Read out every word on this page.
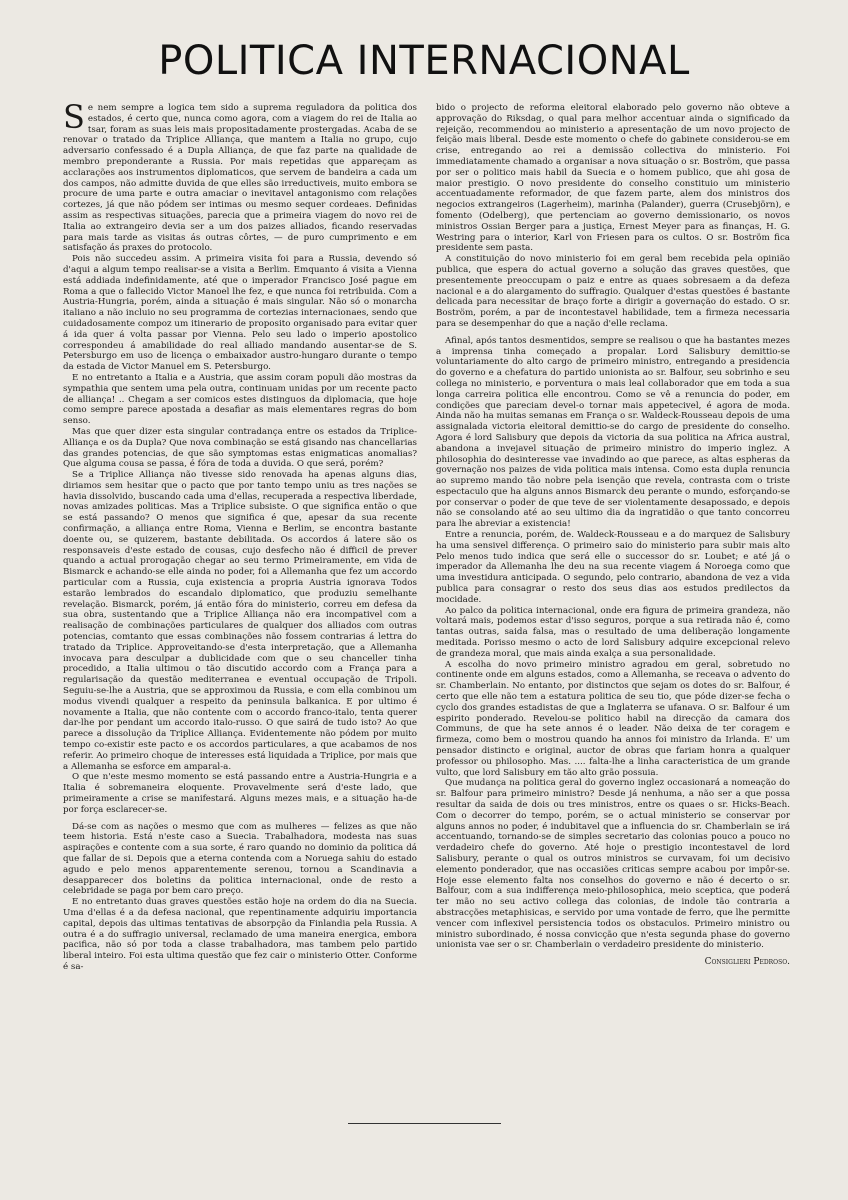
POLITICA INTERNACIONAL

Se nem sempre a logica tem sido a suprema reguladora da politica dos estados, é certo que, nunca como agora, com a viagem do rei de Italia ao tsar, foram as suas leis mais propositadamente prostergadas. Acaba de se renovar o tratado da Triplice Alliança, que mantem a Italia no grupo, cujo adversario confessado é a Dupla Alliança, de que faz parte na qualidade de membro preponderante a Russia. Por mais repetidas que appareçam as acclarações aos instrumentos diplomaticos, que servem de bandeira a cada um dos campos, não admitte duvida de que elles são irreductiveis, muito embora se procure de uma parte e outra amaciar o inevitavel antagonismo com relações cortezes, já que não pódem ser intimas ou mesmo sequer cordeaes. Definidas assim as respectivas situações, parecia que a primeira viagem do novo rei de Italia ao extrangeiro devia ser a um dos paizes alliados, ficando reservadas para mais tarde as visitas ás outras côrtes, — de puro cumprimento e em satisfação ás praxes do protocolo.

Pois não succedeu assim. A primeira visita foi para a Russia, devendo só d'aqui a algum tempo realisar-se a visita a Berlim. Emquanto á visita a Vienna está addiada indefinidamente, até que o imperador Francisco José pague em Roma a que o fallecido Victor Manoel lhe fez, e que nunca foi retribuida. Com a Austria-Hungria, porém, ainda a situação é mais singular. Não só o monarcha italiano a não incluio no seu programma de cortezias internacionaes, sendo que cuidadosamente compoz um itinerario de proposito organisado para evitar quer á ida quer á volta passar por Vienna. Pelo seu lado o imperio apostolico correspondeu á amabilidade do real alliado mandando ausentar-se de S. Petersburgo em uso de licença o embaixador austro-hungaro durante o tempo da estada de Victor Manuel em S. Petersburgo.

E no entretanto a Italia e a Austria, que assim coram populi dão mostras da sympathia que sentem uma pela outra, continuam unidas por um recente pacto de alliança! .. Chegam a ser comicos estes distinguos da diplomacia, que hoje como sempre parece apostada a desafiar as mais elementares regras do bom senso.

Mas que quer dizer esta singular contradança entre os estados da Triplice-Alliança e os da Dupla? Que nova combinação se está gisando nas chancellarias das grandes potencias, de que são symptomas estas enigmaticas anomalias? Que alguma cousa se passa, é fóra de toda a duvida. O que será, porém?

Se a Triplice Alliança não tivesse sido renovada ha apenas alguns dias, diriamos sem hesitar que o pacto que por tanto tempo uniu as tres nações se havia dissolvido, buscando cada uma d'ellas, recuperada a respectiva liberdade, novas amizades politicas. Mas a Triplice subsiste. O que significa então o que se está passando? O menos que significa é que, apesar da sua recente confirmação, a alliança entre Roma, Vienna e Berlim, se encontra bastante doente ou, se quizerem, bastante debilitada. Os accordos á latere são os responsaveis d'este estado de cousas, cujo desfecho não é difficil de prever quando a actual prorogação chegar ao seu termo Primeiramente, em vida de Bismarck e achando-se elle ainda no poder, foi a Allemanha que fez um accordo particular com a Russia, cuja existencia a propria Austria ignorava Todos estarão lembrados do escandalo diplomatico, que produziu semelhante revelação. Bismarck, porém, já então fóra do ministerio, correu em defesa da sua obra, sustentando que a Triplice Alliança não era incompativel com a realisação de combinações particulares de qualquer dos alliados com outras potencias, comtanto que essas combinações não fossem contrarias á lettra do tratado da Triplice. Approveitando-se d'esta interpretação, que a Allemanha invocava para desculpar a dublicidade com que o seu chanceller tinha procedido, a Italia ultimou o tão discutido accordo com a França para a regularisação da questão mediterranea e eventual occupação de Tripoli. Seguiu-se-lhe a Austria, que se approximou da Russia, e com ella combinou um modus vivendi qualquer a respeito da peninsula balkanica. E por ultimo é novamente a Italia, que não contente com o accordo franco-italo, tenta querer dar-lhe por pendant um accordo italo-russo. O que sairá de tudo isto? Ao que parece a dissolução da Triplice Alliança. Evidentemente não pódem por muito tempo co-existir este pacto e os accordos particulares, a que acabamos de nos referir. Ao primeiro choque de interesses está liquidada a Triplice, por mais que a Allemanha se esforce em amparal-a.

O que n'este mesmo momento se está passando entre a Austria-Hungria e a Italia é sobremaneira eloquente. Provavelmente será d'este lado, que primeiramente a crise se manifestará. Alguns mezes mais, e a situação ha-de por força esclarecer-se.

Dá-se com as nações o mesmo que com as mulheres — felizes as que não teem historia. Está n'este caso a Suecia. Trabalhadora, modesta nas suas aspirações e contente com a sua sorte, é raro quando no dominio da politica dá que fallar de si. Depois que a eterna contenda com a Noruega sahiu do estado agudo e pelo menos apparentemente serenou, tornou a Scandinavia a desapparecer dos boletins da politica internacional, onde de resto a celebridade se paga por bem caro preço.

E no entretanto duas graves questões estão hoje na ordem do dia na Suecia. Uma d'ellas é a da defesa nacional, que repentinamente adquiriu importancia capital, depois das ultimas tentativas de absorpção da Finlandia pela Russia. A outra é a do suffragio universal, reclamado de uma maneira energica, embora pacifica, não só por toda a classe trabalhadora, mas tambem pelo partido liberal inteiro. Foi esta ultima questão que fez cair o ministerio Otter. Conforme é sa-

bido o projecto de reforma eleitoral elaborado pelo governo não obteve a approvação do Riksdag, o qual para melhor accentuar ainda o significado da rejeição, recommendou ao ministerio a apresentação de um novo projecto de feição mais liberal. Desde este momento o chefe do gabinete considerou-se em crise, entregando ao rei a demissão collectiva do ministerio. Foi immediatamente chamado a organisar a nova situação o sr. Boström, que passa por ser o politico mais habil da Suecia e o homem publico, que ahi gosa de maior prestigio. O novo presidente do conselho constituio um ministerio accentuadamente reformador, de que fazem parte, alem dos ministros dos negocios extrangeiros (Lagerheim), marinha (Palander), guerra (Crusebjörn), e fomento (Odelberg), que pertenciam ao governo demissionario, os novos ministros Ossian Berger para a justiça, Ernest Meyer para as finanças, H. G. Westring para o interior, Karl von Friesen para os cultos. O sr. Boström fica presidente sem pasta.

A constituição do novo ministerio foi em geral bem recebida pela opinião publica, que espera do actual governo a solução das graves questões, que presentemente preoccupam o paiz e entre as quaes sobresaem a da defeza nacional e a do alargamento do suffragio. Qualquer d'estas questões é bastante delicada para necessitar de braço forte a dirigir a governação do estado. O sr. Boström, porém, a par de incontestavel habilidade, tem a firmeza necessaria para se desempenhar do que a nação d'elle reclama.

Afinal, após tantos desmentidos, sempre se realisou o que ha bastantes mezes a imprensa tinha começado a propalar. Lord Salisbury demittio-se voluntariamente do alto cargo de primeiro ministro, entregando a presidencia do governo e a chefatura do partido unionista ao sr. Balfour, seu sobrinho e seu collega no ministerio, e porventura o mais leal collaborador que em toda a sua longa carreira politica elle encontrou. Como se vê a renuncia do poder, em condições que pareciam devel-o tornar mais appetecivel, é agora de moda. Ainda não ha muitas semanas em França o sr. Waldeck-Rousseau depois de uma assignalada victoria eleitoral demittio-se do cargo de presidente do conselho. Agora é lord Salisbury que depois da victoria da sua politica na Africa austral, abandona a invejavel situação de primeiro ministro do imperio inglez. A philosophia do desinteresse vae invadindo ao que parece, as altas espheras da governação nos paizes de vida politica mais intensa. Como esta dupla renuncia ao supremo mando tão nobre pela isenção que revela, contrasta com o triste espectaculo que ha alguns annos Bismarck deu perante o mundo, esforçando-se por conservar o poder de que teve de ser violentamente desapossado, e depois não se consolando até ao seu ultimo dia da ingratidão o que tanto concorreu para lhe abreviar a existencia!

Entre a renuncia, porém, de. Waldeck-Rousseau e a do marquez de Salisbury ha uma sensivel differença. O primeiro saio do ministerio para subir mais alto Pelo menos tudo indica que será elle o successor do sr. Loubet; e até já o imperador da Allemanha lhe deu na sua recente viagem á Noroega como que uma investidura anticipada. O segundo, pelo contrario, abandona de vez a vida publica para consagrar o resto dos seus dias aos estudos predilectos da mocidade.

Ao palco da politica internacional, onde era figura de primeira grandeza, não voltará mais, podemos estar d'isso seguros, porque a sua retirada não é, como tantas outras, saida falsa, mas o resultado de uma deliberação longamente meditada. Porisso mesmo o acto de lord Salisbury adquire excepcional relevo de grandeza moral, que mais ainda exalça a sua personalidade.

A escolha do novo primeiro ministro agradou em geral, sobretudo no continente onde em alguns estados, como a Allemanha, se receava o advento do sr. Chamberlain. No entanto, por distinctos que sejam os dotes do sr. Balfour, é certo que elle não tem a estatura politica de seu tio, que póde dizer-se fecha o cyclo dos grandes estadistas de que a Inglaterra se ufanava. O sr. Balfour é um espirito ponderado. Revelou-se politico habil na direcção da camara dos Communs, de que ha sete annos é o leader. Não deixa de ter coragem e firmeza, como bem o mostrou quando ha annos foi ministro da Irlanda. E' um pensador distincto e original, auctor de obras que fariam honra a qualquer professor ou philosopho. Mas. .... falta-lhe a linha caracteristica de um grande vulto, que lord Salisbury em tão alto grão possuia.

Que mudança na politica geral do governo inglez occasionará a nomeação do sr. Balfour para primeiro ministro? Desde já nenhuma, a não ser a que possa resultar da saida de dois ou tres ministros, entre os quaes o sr. Hicks-Beach. Com o decorrer do tempo, porém, se o actual ministerio se conservar por alguns annos no poder, é indubitavel que a influencia do sr. Chamberlain se irá accentuando, tornando-se de simples secretario das colonias pouco a pouco no verdadeiro chefe do governo. Até hoje o prestigio incontestavel de lord Salisbury, perante o qual os outros ministros se curvavam, foi um decisivo elemento ponderador, que nas occasiões criticas sempre acabou por impôr-se. Hoje esse elemento falta nos conselhos do governo e não é decerto o sr. Balfour, com a sua indifferença meio-philosophica, meio sceptica, que poderá ter mão no seu activo collega das colonias, de indole tão contraria a abstracções metaphisicas, e servido por uma vontade de ferro, que lhe permitte vencer com inflexivel persistencia todos os obstaculos. Primeiro ministro ou ministro subordinado, é nossa convicção que n'esta segunda phase do governo unionista vae ser o sr. Chamberlain o verdadeiro presidente do ministerio.

Consiglieri Pedroso.
